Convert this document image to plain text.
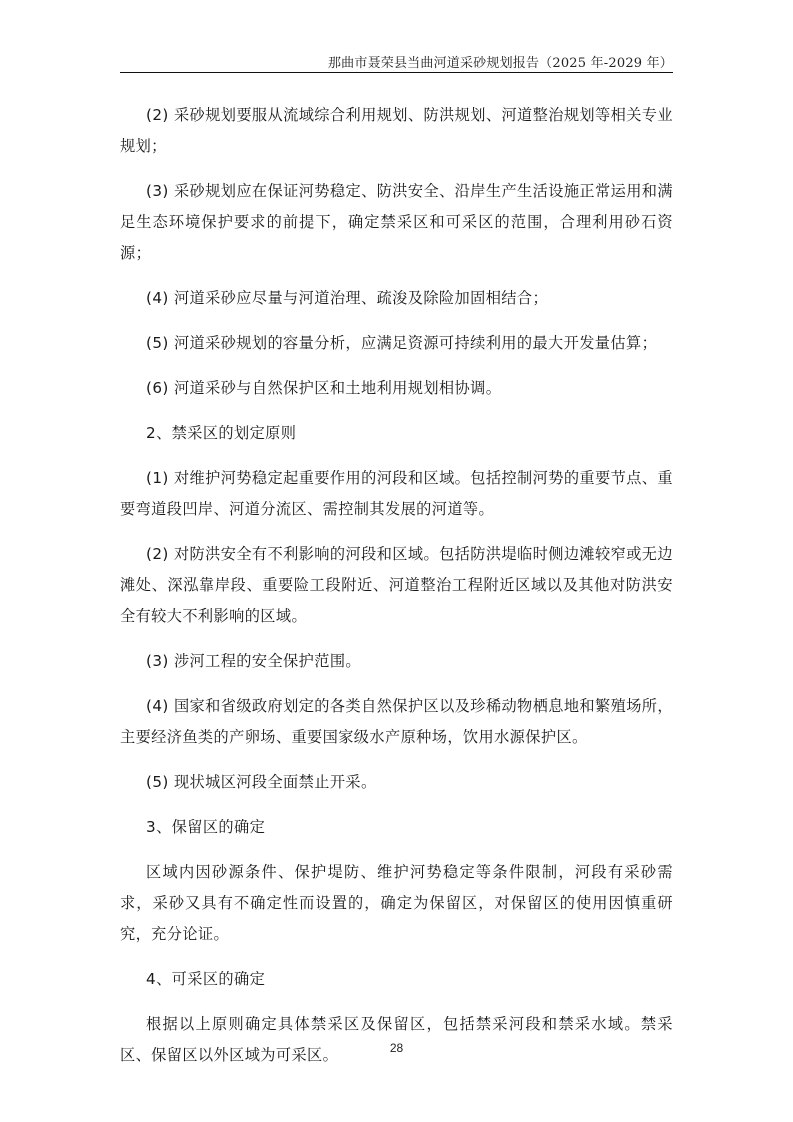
那曲市聂荣县当曲河道采砂规划报告（2025 年-2029 年）

(2) 采砂规划要服从流域综合利用规划、防洪规划、河道整治规划等相关专业规划；

(3) 采砂规划应在保证河势稳定、防洪安全、沿岸生产生活设施正常运用和满足生态环境保护要求的前提下，确定禁采区和可采区的范围，合理利用砂石资源；

(4) 河道采砂应尽量与河道治理、疏浚及除险加固相结合；

(5) 河道采砂规划的容量分析，应满足资源可持续利用的最大开发量估算；

(6) 河道采砂与自然保护区和土地利用规划相协调。

2、禁采区的划定原则

(1) 对维护河势稳定起重要作用的河段和区域。包括控制河势的重要节点、重要弯道段凹岸、河道分流区、需控制其发展的河道等。

(2) 对防洪安全有不利影响的河段和区域。包括防洪堤临时侧边滩较窄或无边滩处、深泓靠岸段、重要险工段附近、河道整治工程附近区域以及其他对防洪安全有较大不利影响的区域。

(3) 涉河工程的安全保护范围。

(4) 国家和省级政府划定的各类自然保护区以及珍稀动物栖息地和繁殖场所，主要经济鱼类的产卵场、重要国家级水产原种场，饮用水源保护区。

(5) 现状城区河段全面禁止开采。

3、保留区的确定

区域内因砂源条件、保护堤防、维护河势稳定等条件限制，河段有采砂需求，采砂又具有不确定性而设置的，确定为保留区，对保留区的使用因慎重研究，充分论证。

4、可采区的确定

根据以上原则确定具体禁采区及保留区，包括禁采河段和禁采水域。禁采区、保留区以外区域为可采区。	28
